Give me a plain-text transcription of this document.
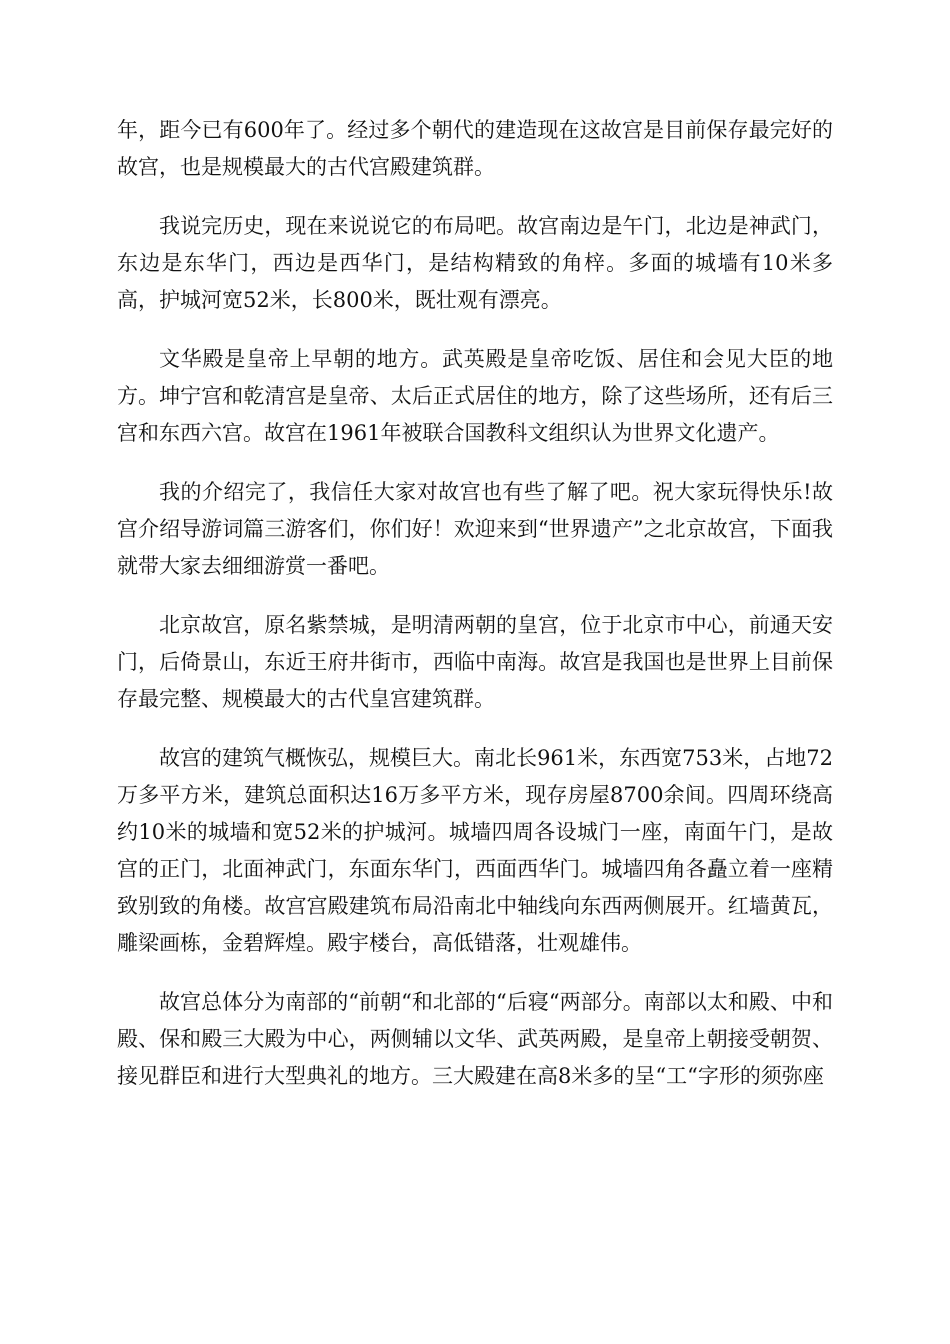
年，距今已有600年了。经过多个朝代的建造现在这故宫是目前保存最完好的故宫，也是规模最大的古代宫殿建筑群。

我说完历史，现在来说说它的布局吧。故宫南边是午门，北边是神武门，东边是东华门，西边是西华门，是结构精致的角梓。多面的城墙有10米多高，护城河宽52米，长800米，既壮观有漂亮。

文华殿是皇帝上早朝的地方。武英殿是皇帝吃饭、居住和会见大臣的地方。坤宁宫和乾清宫是皇帝、太后正式居住的地方，除了这些场所，还有后三宫和东西六宫。故宫在1961年被联合国教科文组织认为世界文化遗产。

我的介绍完了，我信任大家对故宫也有些了解了吧。祝大家玩得快乐!故宫介绍导游词篇三游客们，你们好！欢迎来到“世界遗产”之北京故宫，下面我就带大家去细细游赏一番吧。

北京故宫，原名紫禁城，是明清两朝的皇宫，位于北京市中心，前通天安门，后倚景山，东近王府井街市，西临中南海。故宫是我国也是世界上目前保存最完整、规模最大的古代皇宫建筑群。

故宫的建筑气概恢弘，规模巨大。南北长961米，东西宽753米，占地72万多平方米，建筑总面积达16万多平方米，现存房屋8700余间。四周环绕高约10米的城墙和宽52米的护城河。城墙四周各设城门一座，南面午门，是故宫的正门，北面神武门，东面东华门，西面西华门。城墙四角各矗立着一座精致别致的角楼。故宫宫殿建筑布局沿南北中轴线向东西两侧展开。红墙黄瓦，雕梁画栋，金碧辉煌。殿宇楼台，高低错落，壮观雄伟。

故宫总体分为南部的“前朝“和北部的“后寝“两部分。南部以太和殿、中和殿、保和殿三大殿为中心，两侧辅以文华、武英两殿，是皇帝上朝接受朝贺、接见群臣和进行大型典礼的地方。三大殿建在高8米多的呈“工“字形的须弥座
